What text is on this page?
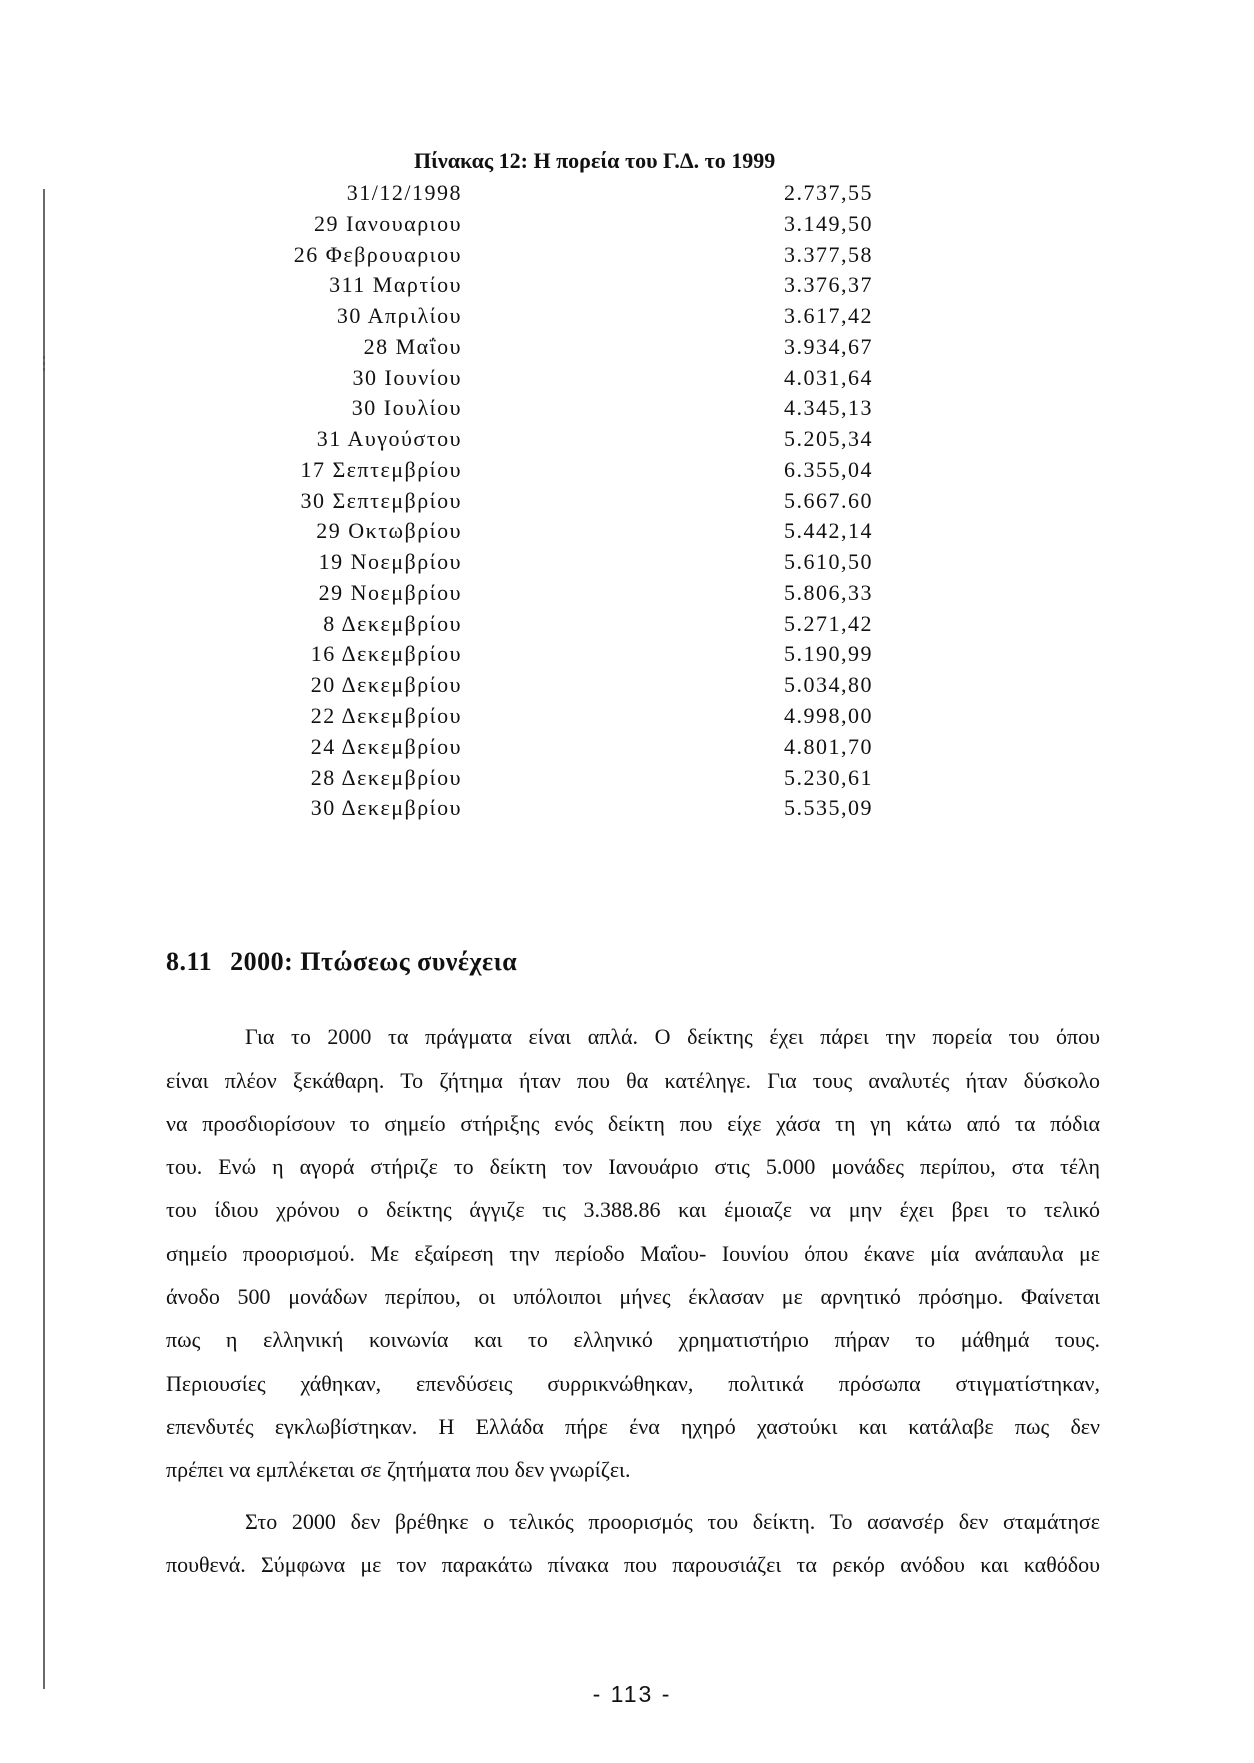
Πίνακας 12: Η πορεία του Γ.Δ. το 1999
31/12/1998	2.737,55
29 Ιανουαριου	3.149,50
26 Φεβρουαριου	3.377,58
311 Μαρτίου	3.376,37
30 Απριλίου	3.617,42
28 Μαΐου	3.934,67
30 Ιουνίου	4.031,64
30 Ιουλίου	4.345,13
31 Αυγούστου	5.205,34
17 Σεπτεμβρίου	6.355,04
30 Σεπτεμβρίου	5.667.60
29 Οκτωβρίου	5.442,14
19 Νοεμβρίου	5.610,50
29 Νοεμβρίου	5.806,33
8 Δεκεμβρίου	5.271,42
16 Δεκεμβρίου	5.190,99
20 Δεκεμβρίου	5.034,80
22 Δεκεμβρίου	4.998,00
24 Δεκεμβρίου	4.801,70
28 Δεκεμβρίου	5.230,61
30 Δεκεμβρίου	5.535,09
8.11 2000: Πτώσεως συνέχεια
Για το 2000 τα πράγματα είναι απλά. Ο δείκτης έχει πάρει την πορεία του όπου
είναι πλέον ξεκάθαρη. Το ζήτημα ήταν που θα κατέληγε. Για τους αναλυτές ήταν δύσκολο
να προσδιορίσουν το σημείο στήριξης ενός δείκτη που είχε χάσα τη γη κάτω από τα πόδια
του. Ενώ η αγορά στήριζε το δείκτη τον Ιανουάριο στις 5.000 μονάδες περίπου, στα τέλη
του ίδιου χρόνου ο δείκτης άγγιζε τις 3.388.86 και έμοιαζε να μην έχει βρει το τελικό
σημείο προορισμού. Με εξαίρεση την περίοδο Μαΐου- Ιουνίου όπου έκανε μία ανάπαυλα με
άνοδο 500 μονάδων περίπου, οι υπόλοιποι μήνες έκλασαν με αρνητικό πρόσημο. Φαίνεται
πως η ελληνική κοινωνία και το ελληνικό χρηματιστήριο πήραν το μάθημά τους.
Περιουσίες χάθηκαν, επενδύσεις συρρικνώθηκαν, πολιτικά πρόσωπα στιγματίστηκαν,
επενδυτές εγκλωβίστηκαν. Η Ελλάδα πήρε ένα ηχηρό χαστούκι και κατάλαβε πως δεν
πρέπει να εμπλέκεται σε ζητήματα που δεν γνωρίζει.
Στο 2000 δεν βρέθηκε ο τελικός προορισμός του δείκτη. Το ασανσέρ δεν σταμάτησε
πουθενά. Σύμφωνα με τον παρακάτω πίνακα που παρουσιάζει τα ρεκόρ ανόδου και καθόδου
- 113 -
